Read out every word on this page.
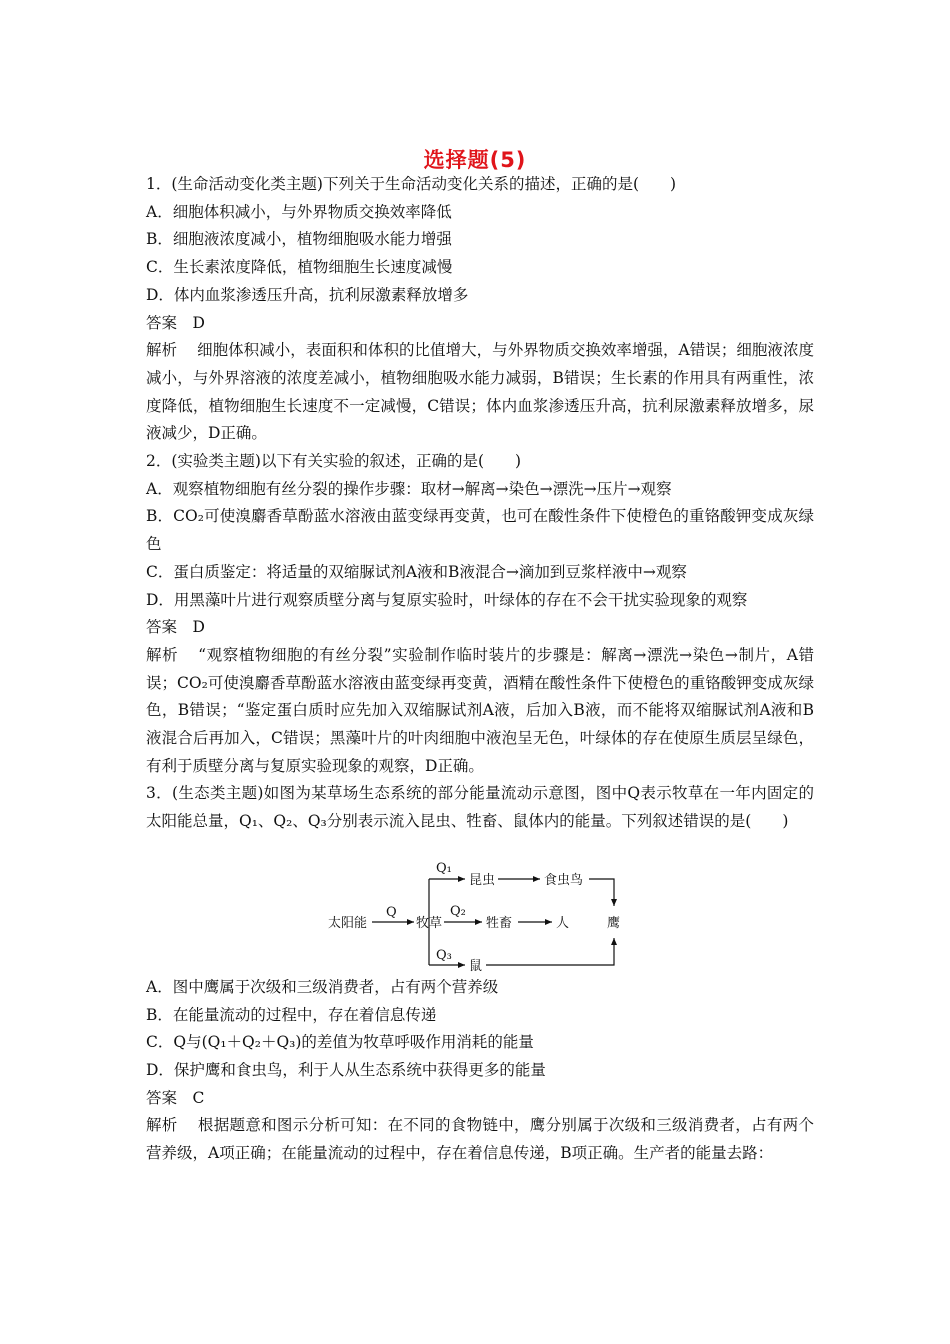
选择题(5)
1．(生命活动变化类主题)下列关于生命活动变化关系的描述，正确的是(　　)
A．细胞体积减小，与外界物质交换效率降低
B．细胞液浓度减小，植物细胞吸水能力增强
C．生长素浓度降低，植物细胞生长速度减慢
D．体内血浆渗透压升高，抗利尿激素释放增多
答案　D
解析 细胞体积减小，表面积和体积的比值增大，与外界物质交换效率增强，A错误；细胞液浓度减小，与外界溶液的浓度差减小，植物细胞吸水能力减弱，B错误；生长素的作用具有两重性，浓度降低，植物细胞生长速度不一定减慢，C错误；体内血浆渗透压升高，抗利尿激素释放增多，尿液减少，D正确。
2．(实验类主题)以下有关实验的叙述，正确的是(　　)
A．观察植物细胞有丝分裂的操作步骤：取材→解离→染色→漂洗→压片→观察
B．CO₂可使溴麝香草酚蓝水溶液由蓝变绿再变黄，也可在酸性条件下使橙色的重铬酸钾变成灰绿色
C．蛋白质鉴定：将适量的双缩脲试剂A液和B液混合→滴加到豆浆样液中→观察
D．用黑藻叶片进行观察质壁分离与复原实验时，叶绿体的存在不会干扰实验现象的观察
答案　D
解析 “观察植物细胞的有丝分裂”实验制作临时装片的步骤是：解离→漂洗→染色→制片，A错误；CO₂可使溴麝香草酚蓝水溶液由蓝变绿再变黄，酒精在酸性条件下使橙色的重铬酸钾变成灰绿色，B错误；“鉴定蛋白质时应先加入双缩脲试剂A液，后加入B液，而不能将双缩脲试剂A液和B液混合后再加入，C错误；黑藻叶片的叶肉细胞中液泡呈无色，叶绿体的存在使原生质层呈绿色，有利于质壁分离与复原实验现象的观察，D正确。
3．(生态类主题)如图为某草场生态系统的部分能量流动示意图，图中Q表示牧草在一年内固定的太阳能总量，Q₁、Q₂、Q₃分别表示流入昆虫、牲畜、鼠体内的能量。下列叙述错误的是(　　)
太阳能
Q
牧草
Q₁
Q₂
Q₃
昆虫	食虫鸟
牲畜	人
鼠
鹰
A．图中鹰属于次级和三级消费者，占有两个营养级
B．在能量流动的过程中，存在着信息传递
C．Q与(Q₁＋Q₂＋Q₃)的差值为牧草呼吸作用消耗的能量
D．保护鹰和食虫鸟，利于人从生态系统中获得更多的能量
答案　C
解析 根据题意和图示分析可知：在不同的食物链中，鹰分别属于次级和三级消费者，占有两个营养级，A项正确；在能量流动的过程中，存在着信息传递，B项正确。生产者的能量去路：
